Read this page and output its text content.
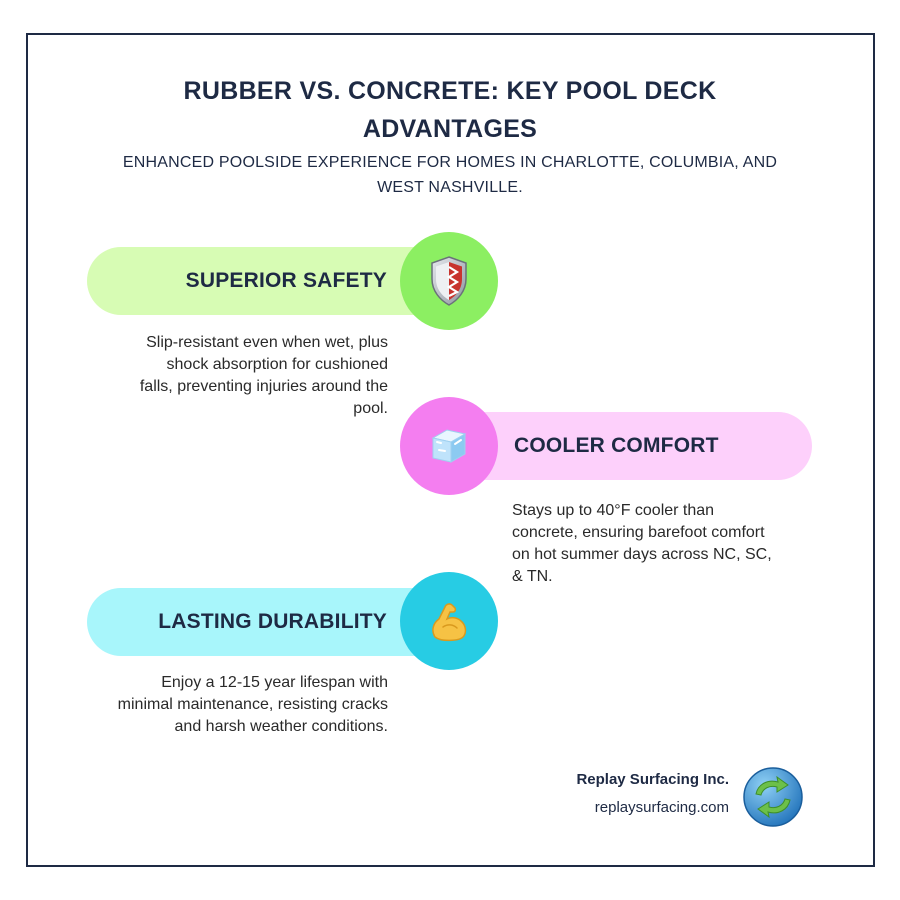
RUBBER VS. CONCRETE: KEY POOL DECK ADVANTAGES
ENHANCED POOLSIDE EXPERIENCE FOR HOMES IN CHARLOTTE, COLUMBIA, AND WEST NASHVILLE.
SUPERIOR SAFETY
Slip-resistant even when wet, plus shock absorption for cushioned falls, preventing injuries around the pool.
COOLER COMFORT
Stays up to 40°F cooler than concrete, ensuring barefoot comfort on hot summer days across NC, SC, & TN.
LASTING DURABILITY
Enjoy a 12-15 year lifespan with minimal maintenance, resisting cracks and harsh weather conditions.
Replay Surfacing Inc.
replaysurfacing.com
